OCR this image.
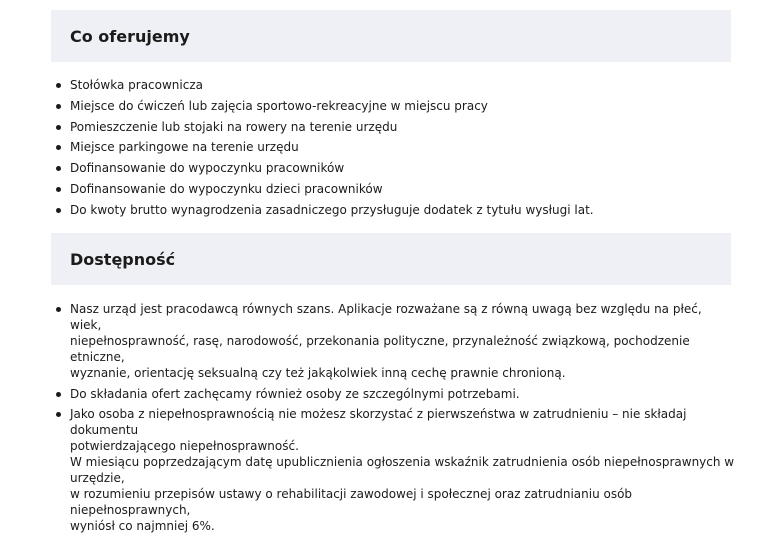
Co oferujemy
Stołówka pracownicza
Miejsce do ćwiczeń lub zajęcia sportowo-rekreacyjne w miejscu pracy
Pomieszczenie lub stojaki na rowery na terenie urzędu
Miejsce parkingowe na terenie urzędu
Dofinansowanie do wypoczynku pracowników
Dofinansowanie do wypoczynku dzieci pracowników
Do kwoty brutto wynagrodzenia zasadniczego przysługuje dodatek z tytułu wysługi lat.
Dostępność
Nasz urząd jest pracodawcą równych szans. Aplikacje rozważane są z równą uwagą bez względu na płeć, wiek,
niepełnosprawność, rasę, narodowość, przekonania polityczne, przynależność związkową, pochodzenie etniczne,
wyznanie, orientację seksualną czy też jakąkolwiek inną cechę prawnie chronioną.
Do składania ofert zachęcamy również osoby ze szczególnymi potrzebami.
Jako osoba z niepełnosprawnością nie możesz skorzystać z pierwszeństwa w zatrudnieniu – nie składaj dokumentu
potwierdzającego niepełnosprawność.
W miesiącu poprzedzającym datę upublicznienia ogłoszenia wskaźnik zatrudnienia osób niepełnosprawnych w urzędzie,
w rozumieniu przepisów ustawy o rehabilitacji zawodowej i społecznej oraz zatrudnianiu osób niepełnosprawnych,
wyniósł co najmniej 6%.
